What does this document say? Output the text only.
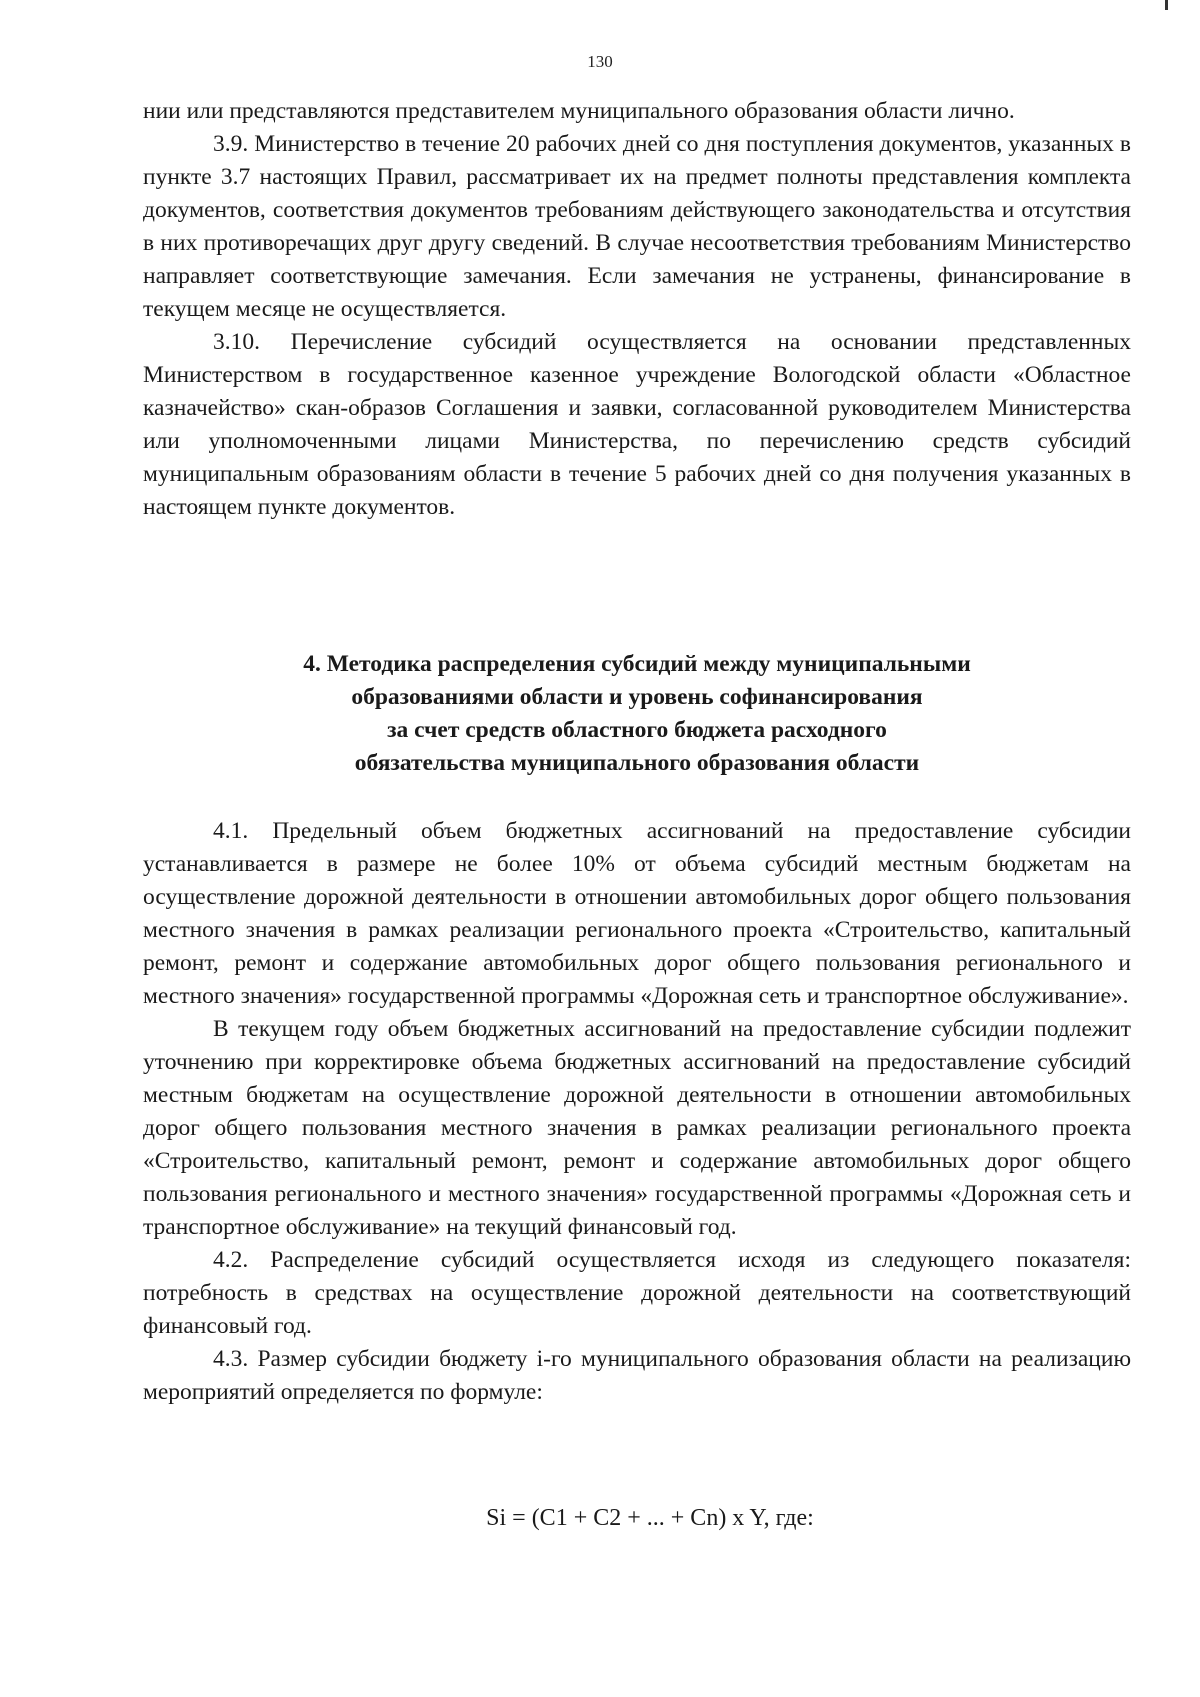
130

нии или представляются представителем муниципального образования области лично.

3.9. Министерство в течение 20 рабочих дней со дня поступления документов, указанных в пункте 3.7 настоящих Правил, рассматривает их на предмет полноты представления комплекта документов, соответствия документов требованиям действующего законодательства и отсутствия в них противоречащих друг другу сведений. В случае несоответствия требованиям Министерство направляет соответствующие замечания. Если замечания не устранены, финансирование в текущем месяце не осуществляется.

3.10. Перечисление субсидий осуществляется на основании представленных Министерством в государственное казенное учреждение Вологодской области «Областное казначейство» скан-образов Соглашения и заявки, согласованной руководителем Министерства или уполномоченными лицами Министерства, по перечислению средств субсидий муниципальным образованиям области в течение 5 рабочих дней со дня получения указанных в настоящем пункте документов.

4. Методика распределения субсидий между муниципальными
образованиями области и уровень софинансирования
за счет средств областного бюджета расходного
обязательства муниципального образования области

4.1. Предельный объем бюджетных ассигнований на предоставление субсидии устанавливается в размере не более 10% от объема субсидий местным бюджетам на осуществление дорожной деятельности в отношении автомобильных дорог общего пользования местного значения в рамках реализации регионального проекта «Строительство, капитальный ремонт, ремонт и содержание автомобильных дорог общего пользования регионального и местного значения» государственной программы «Дорожная сеть и транспортное обслуживание».

В текущем году объем бюджетных ассигнований на предоставление субсидии подлежит уточнению при корректировке объема бюджетных ассигнований на предоставление субсидий местным бюджетам на осуществление дорожной деятельности в отношении автомобильных дорог общего пользования местного значения в рамках реализации регионального проекта «Строительство, капитальный ремонт, ремонт и содержание автомобильных дорог общего пользования регионального и местного значения» государственной программы «Дорожная сеть и транспортное обслуживание» на текущий финансовый год.

4.2. Распределение субсидий осуществляется исходя из следующего показателя: потребность в средствах на осуществление дорожной деятельности на соответствующий финансовый год.

4.3. Размер субсидии бюджету i-го муниципального образования области на реализацию мероприятий определяется по формуле:

Si = (C1 + C2 + ... + Cn) x Y, где:
